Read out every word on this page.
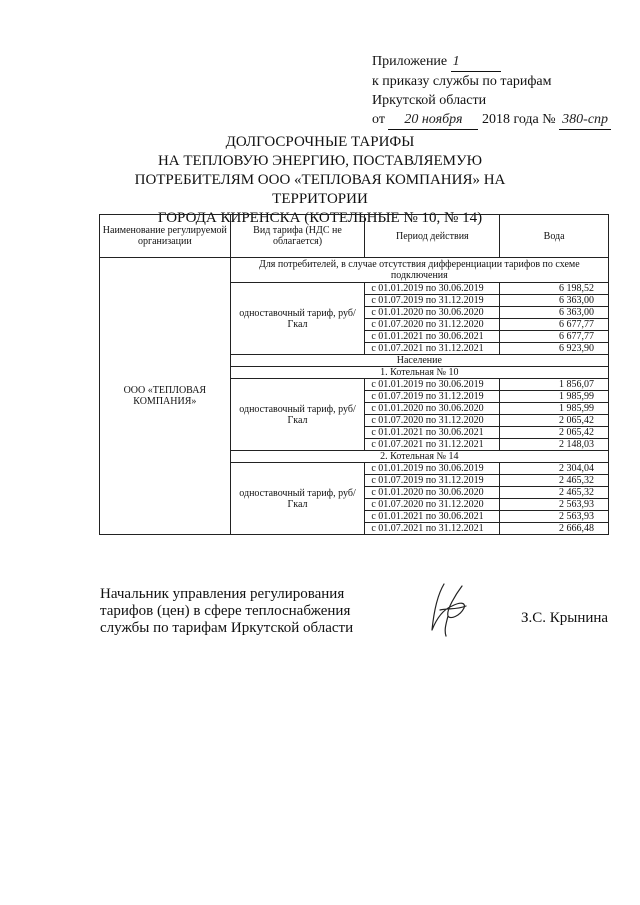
Приложение 1
к приказу службы по тарифам
Иркутской области
от 20 ноября 2018 года № 380-спр
ДОЛГОСРОЧНЫЕ ТАРИФЫ
НА ТЕПЛОВУЮ ЭНЕРГИЮ, ПОСТАВЛЯЕМУЮ
ПОТРЕБИТЕЛЯМ ООО «ТЕПЛОВАЯ КОМПАНИЯ» НА ТЕРРИТОРИИ
ГОРОДА КИРЕНСКА (КОТЕЛЬНЫЕ № 10, № 14)
Наименование регулируемой организации	Вид тарифа (НДС не облагается)	Период действия	Вода
ООО «ТЕПЛОВАЯ КОМПАНИЯ»	Для потребителей, в случае отсутствия дифференциации тарифов по схеме подключения		
	одноставочный тариф, руб/Гкал	с 01.01.2019 по 30.06.2019	6 198,52
		с 01.07.2019 по 31.12.2019	6 363,00
		с 01.01.2020 по 30.06.2020	6 363,00
		с 01.07.2020 по 31.12.2020	6 677,77
		с 01.01.2021 по 30.06.2021	6 677,77
		с 01.07.2021 по 31.12.2021	6 923,90
	Население		
	1. Котельная № 10		
	одноставочный тариф, руб/Гкал	с 01.01.2019 по 30.06.2019	1 856,07
		с 01.07.2019 по 31.12.2019	1 985,99
		с 01.01.2020 по 30.06.2020	1 985,99
		с 01.07.2020 по 31.12.2020	2 065,42
		с 01.01.2021 по 30.06.2021	2 065,42
		с 01.07.2021 по 31.12.2021	2 148,03
	2. Котельная № 14		
	одноставочный тариф, руб/Гкал	с 01.01.2019 по 30.06.2019	2 304,04
		с 01.07.2019 по 31.12.2019	2 465,32
		с 01.01.2020 по 30.06.2020	2 465,32
		с 01.07.2020 по 31.12.2020	2 563,93
		с 01.01.2021 по 30.06.2021	2 563,93
		с 01.07.2021 по 31.12.2021	2 666,48
Начальник управления регулирования
тарифов (цен) в сфере теплоснабжения
службы по тарифам Иркутской области
З.С. Крынина
